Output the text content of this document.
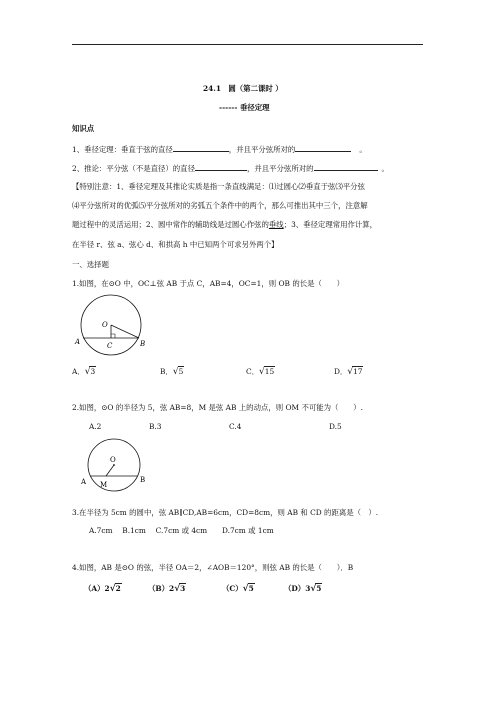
24.1　圆（第二课时 ）
------ 垂径定理
知识点
1、垂径定理：垂直于弦的直径	，并且平分弦所对的	。
2、推论：平分弦（不是直径）的直径	，并且平分弦所对的	。
【特别注意：1、垂径定理及其推论实质是指一条直线满足：⑴过圆心⑵垂直于弦⑶平分弦
⑷平分弦所对的优弧⑸平分弦所对的劣弧五个条件中的两个，那么可推出其中三个，注意解
题过程中的灵活运用；2、圆中常作的辅助线是过圆心作弦的垂线；3、垂径定理常用作计算，
在半径 r、弦 a、弦心 d、和拱高 h 中已知两个可求另外两个】
一、选择题
1.如图，在⊙O 中，OC⊥弦 AB 于点 C，AB=4，OC=1，则 OB 的长是（　　）
O
A	B
C
A．√3	B．√5	C．√15	D．√17
2.如图，⊙O 的半径为 5，弦 AB=8，M 是弦 AB 上的动点，则 OM 不可能为（　　）.
A.2	B.3	C.4	D.5
O
A	B
M
3.在半径为 5cm 的圆中，弦 AB∥CD,AB=6cm，CD=8cm，则 AB 和 CD 的距离是（　）.
A.7cm　 B.1cm　 C.7cm 或 4cm　　D.7cm 或 1cm
4.如图，AB 是⊙O 的弦，半径 OA＝2，∠AOB＝120°，则弦 AB 的长是（　　）．B
（A）2√2	（B）2√3	（C）√5	（D）3√5
